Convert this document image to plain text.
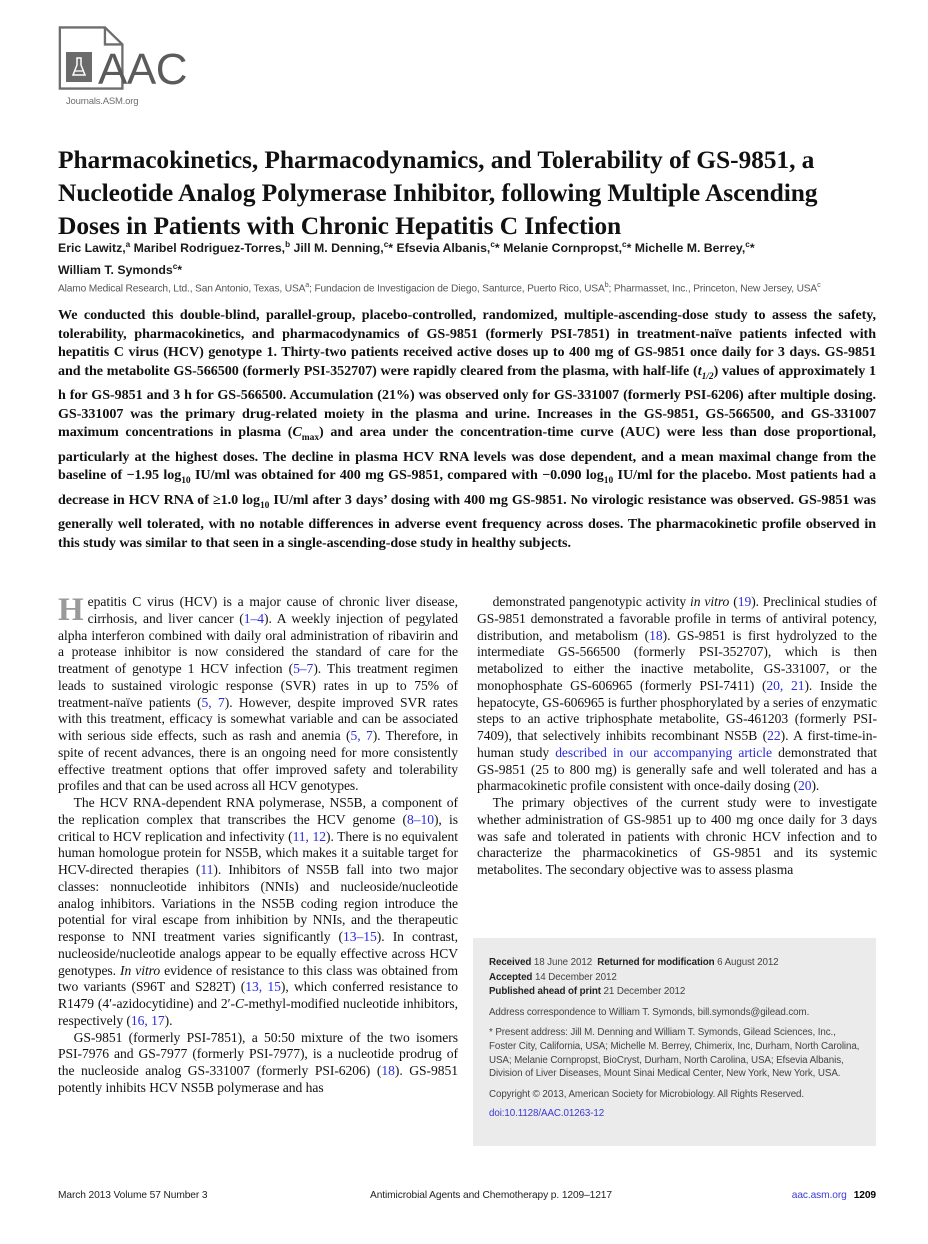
AAC
Journals.ASM.org
Pharmacokinetics, Pharmacodynamics, and Tolerability of GS-9851, a Nucleotide Analog Polymerase Inhibitor, following Multiple Ascending Doses in Patients with Chronic Hepatitis C Infection
Eric Lawitz,$^a$ Maribel Rodriguez-Torres,$^b$ Jill M. Denning,$^c$* Efsevia Albanis,$^c$* Melanie Cornpropst,$^c$* Michelle M. Berrey,$^c$*
William T. Symonds$^c$*
Alamo Medical Research, Ltd., San Antonio, Texas, USA$^a$; Fundacion de Investigacion de Diego, Santurce, Puerto Rico, USA$^b$; Pharmasset, Inc., Princeton, New Jersey, USA$^c$
We conducted this double-blind, parallel-group, placebo-controlled, randomized, multiple-ascending-dose study to assess the safety, tolerability, pharmacokinetics, and pharmacodynamics of GS-9851 (formerly PSI-7851) in treatment-naïve patients infected with hepatitis C virus (HCV) genotype 1. Thirty-two patients received active doses up to 400 mg of GS-9851 once daily for 3 days. GS-9851 and the metabolite GS-566500 (formerly PSI-352707) were rapidly cleared from the plasma, with half-life $(t_{1/2})$ values of approximately 1 h for GS-9851 and 3 h for GS-566500. Accumulation (21%) was observed only for GS-331007 (formerly PSI-6206) after multiple dosing. GS-331007 was the primary drug-related moiety in the plasma and urine. Increases in the GS-9851, GS-566500, and GS-331007 maximum concentrations in plasma $(C_{max})$ and area under the concentration-time curve (AUC) were less than dose proportional, particularly at the highest doses. The decline in plasma HCV RNA levels was dose dependent, and a mean maximal change from the baseline of −1.95 $\log_{10} IU/ml$ was obtained for 400 mg GS-9851, compared with −0.090 $\log_{10} IU/ml$ for the placebo. Most patients had a decrease in HCV RNA of ≥1.0 $\log_{10} IU/ml$ after 3 days’ dosing with 400 mg GS-9851. No virologic resistance was observed. GS-9851 was generally well tolerated, with no notable differences in adverse event frequency across doses. The pharmacokinetic profile observed in this study was similar to that seen in a single-ascending-dose study in healthy subjects.

Hepatitis C virus (HCV) is a major cause of chronic liver disease, cirrhosis, and liver cancer (1–4). A weekly injection of pegylated alpha interferon combined with daily oral administration of ribavirin and a protease inhibitor is now considered the standard of care for the treatment of genotype 1 HCV infection (5–7). This treatment regimen leads to sustained virologic response (SVR) rates in up to 75% of treatment-naïve patients (5, 7). However, despite improved SVR rates with this treatment, efficacy is somewhat variable and can be associated with serious side effects, such as rash and anemia (5, 7). Therefore, in spite of recent advances, there is an ongoing need for more consistently effective treatment options that offer improved safety and tolerability profiles and that can be used across all HCV genotypes.

The HCV RNA-dependent RNA polymerase, NS5B, a component of the replication complex that transcribes the HCV genome (8–10), is critical to HCV replication and infectivity (11, 12). There is no equivalent human homologue protein for NS5B, which makes it a suitable target for HCV-directed therapies (11). Inhibitors of NS5B fall into two major classes: nonnucleotide inhibitors (NNIs) and nucleoside/nucleotide analog inhibitors. Variations in the NS5B coding region introduce the potential for viral escape from inhibition by NNIs, and the therapeutic response to NNI treatment varies significantly (13–15). In contrast, nucleoside/nucleotide analogs appear to be equally effective across HCV genotypes. In vitro evidence of resistance to this class was obtained from two variants (S96T and S282T) (13, 15), which conferred resistance to R1479 (4′-azidocytidine) and 2′-C-methyl-modified nucleotide inhibitors, respectively (16, 17).

GS-9851 (formerly PSI-7851), a 50:50 mixture of the two isomers PSI-7976 and GS-7977 (formerly PSI-7977), is a nucleotide prodrug of the nucleoside analog GS-331007 (formerly PSI-6206) (18). GS-9851 potently inhibits HCV NS5B polymerase and has

demonstrated pangenotypic activity in vitro (19). Preclinical studies of GS-9851 demonstrated a favorable profile in terms of antiviral potency, distribution, and metabolism (18). GS-9851 is first hydrolyzed to the intermediate GS-566500 (formerly PSI-352707), which is then metabolized to either the inactive metabolite, GS-331007, or the monophosphate GS-606965 (formerly PSI-7411) (20, 21). Inside the hepatocyte, GS-606965 is further phosphorylated by a series of enzymatic steps to an active triphosphate metabolite, GS-461203 (formerly PSI-7409), that selectively inhibits recombinant NS5B (22). A first-time-in-human study described in our accompanying article demonstrated that GS-9851 (25 to 800 mg) is generally safe and well tolerated and has a pharmacokinetic profile consistent with once-daily dosing (20).

The primary objectives of the current study were to investigate whether administration of GS-9851 up to 400 mg once daily for 3 days was safe and tolerated in patients with chronic HCV infection and to characterize the pharmacokinetics of GS-9851 and its systemic metabolites. The secondary objective was to assess plasma

Received 18 June 2012 Returned for modification 6 August 2012
Accepted 14 December 2012
Published ahead of print 21 December 2012

Address correspondence to William T. Symonds, bill.symonds@gilead.com.

* Present address: Jill M. Denning and William T. Symonds, Gilead Sciences, Inc., Foster City, California, USA; Michelle M. Berrey, Chimerix, Inc, Durham, North Carolina, USA; Melanie Cornpropst, BioCryst, Durham, North Carolina, USA; Efsevia Albanis, Division of Liver Diseases, Mount Sinai Medical Center, New York, New York, USA.

Copyright © 2013, American Society for Microbiology. All Rights Reserved.

doi:10.1128/AAC.01263-12

March 2013 Volume 57 Number 3	Antimicrobial Agents and Chemotherapy p. 1209–1217	aac.asm.org 1209
